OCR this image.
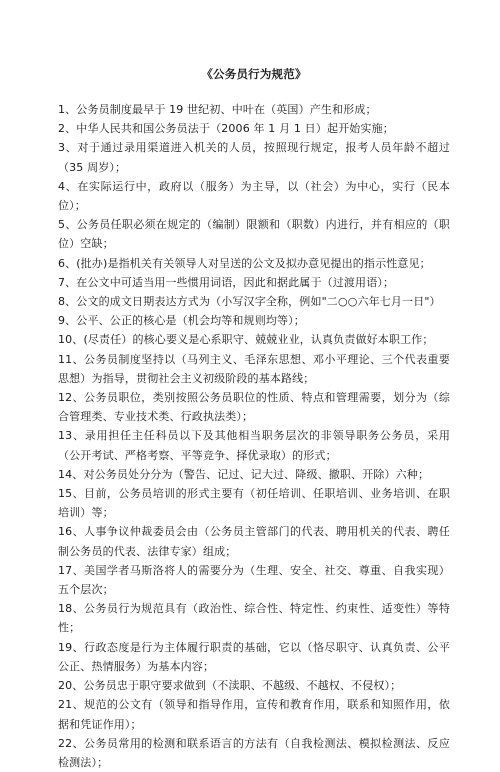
《公务员行为规范》

1、公务员制度最早于 19 世纪初、中叶在（英国）产生和形成；

2、中华人民共和国公务员法于（2006 年 1 月 1 日）起开始实施；

3、对于通过录用渠道进入机关的人员，按照现行规定，报考人员年龄不超过（35 周岁）；

4、在实际运行中，政府以（服务）为主导，以（社会）为中心，实行（民本位）；

5、公务员任职必须在规定的（编制）限额和（职数）内进行，并有相应的（职位）空缺；

6、(批办)是指机关有关领导人对呈送的公文及拟办意见提出的指示性意见；

7、在公文中可适当用一些惯用词语，因此和据此属于（过渡用语）；

8、公文的成文日期表达方式为（小写汉字全称，例如"二○○六年七月一日"）

9、公平、公正的核心是（机会均等和规则均等）；

10、(尽责任）的核心要义是心系职守、兢兢业业，认真负责做好本职工作；

11、公务员制度坚持以（马列主义、毛泽东思想、邓小平理论、三个代表重要思想）为指导，贯彻社会主义初级阶段的基本路线；

12、公务员职位，类别按照公务员职位的性质、特点和管理需要，划分为（综合管理类、专业技术类、行政执法类）；

13、录用担任主任科员以下及其他相当职务层次的非领导职务公务员，采用（公开考试、严格考察、平等竞争、择优录取）的形式；

14、对公务员处分分为（警告、记过、记大过、降级、撤职、开除）六种；

15、目前，公务员培训的形式主要有（初任培训、任职培训、业务培训、在职培训）等；

16、人事争议仲裁委员会由（公务员主管部门的代表、聘用机关的代表、聘任制公务员的代表、法律专家）组成；

17、美国学者马斯洛将人的需要分为（生理、安全、社交、尊重、自我实现）五个层次；

18、公务员行为规范具有（政治性、综合性、特定性、约束性、适变性）等特性；

19、行政态度是行为主体履行职责的基础，它以（恪尽职守、认真负责、公平公正、热情服务）为基本内容；

20、公务员忠于职守要求做到（不渎职、不越级、不越权、不侵权）；

21、规范的公文有（领导和指导作用，宣传和教育作用，联系和知照作用，依据和凭证作用）；

22、公务员常用的检测和联系语言的方法有（自我检测法、模拟检测法、反应检测法）；
